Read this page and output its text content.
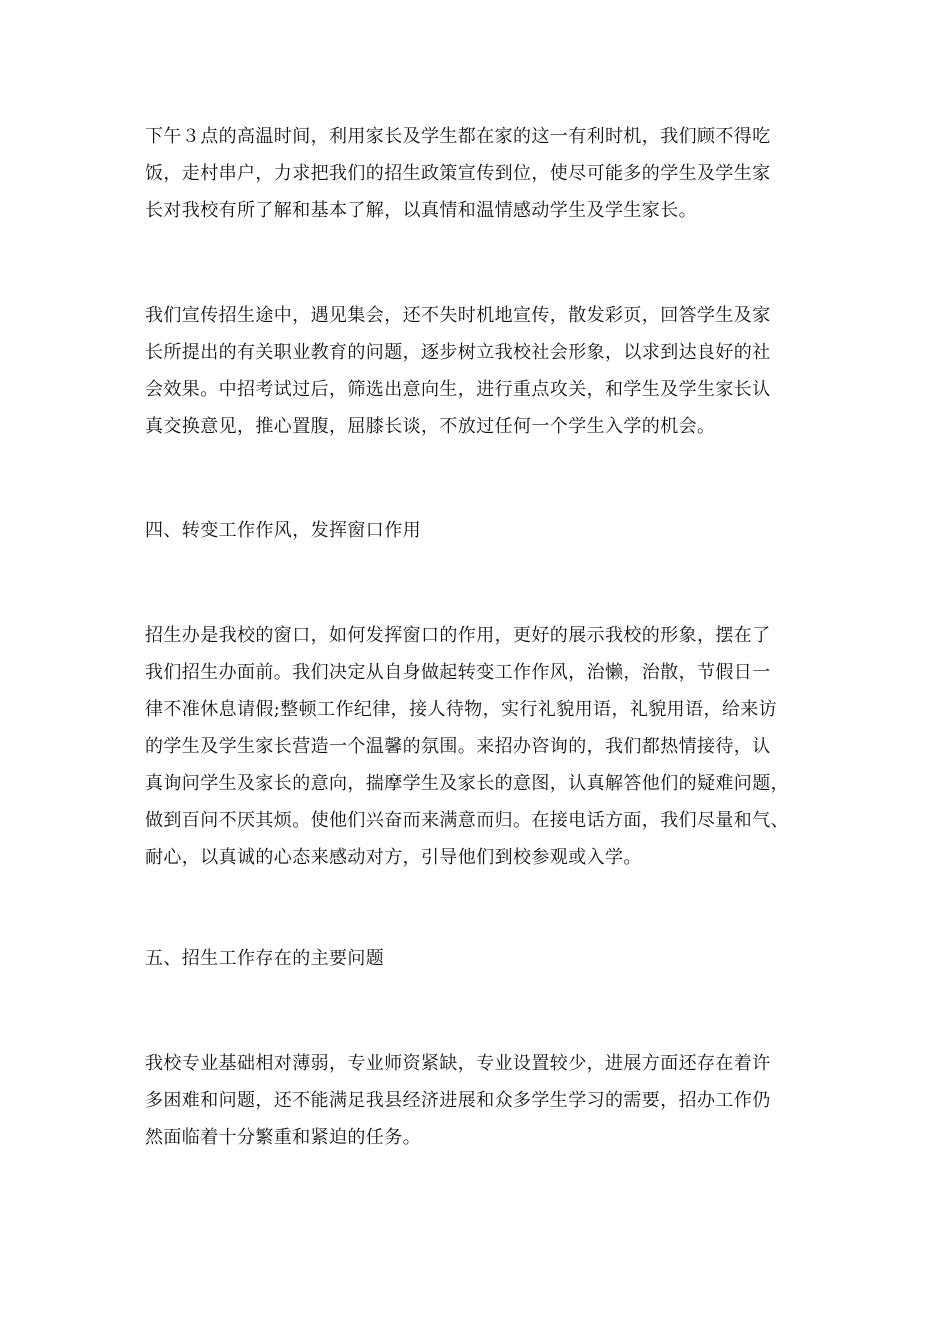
下午３点的高温时间，利用家长及学生都在家的这一有利时机，我们顾不得吃
饭，走村串户，力求把我们的招生政策宣传到位，使尽可能多的学生及学生家
长对我校有所了解和基本了解，以真情和温情感动学生及学生家长。
我们宣传招生途中，遇见集会，还不失时机地宣传，散发彩页，回答学生及家
长所提出的有关职业教育的问题，逐步树立我校社会形象，以求到达良好的社
会效果。中招考试过后，筛选出意向生，进行重点攻关，和学生及学生家长认
真交换意见，推心置腹，屈膝长谈，不放过任何一个学生入学的机会。
四、转变工作作风，发挥窗口作用
招生办是我校的窗口，如何发挥窗口的作用，更好的展示我校的形象，摆在了
我们招生办面前。我们决定从自身做起转变工作作风，治懒，治散，节假日一
律不准休息请假;整顿工作纪律，接人待物，实行礼貌用语，礼貌用语，给来访
的学生及学生家长营造一个温馨的氛围。来招办咨询的，我们都热情接待，认
真询问学生及家长的意向，揣摩学生及家长的意图，认真解答他们的疑难问题，
做到百问不厌其烦。使他们兴奋而来满意而归。在接电话方面，我们尽量和气、
耐心，以真诚的心态来感动对方，引导他们到校参观或入学。
五、招生工作存在的主要问题
我校专业基础相对薄弱，专业师资紧缺，专业设置较少，进展方面还存在着许
多困难和问题，还不能满足我县经济进展和众多学生学习的需要，招办工作仍
然面临着十分繁重和紧迫的任务。
